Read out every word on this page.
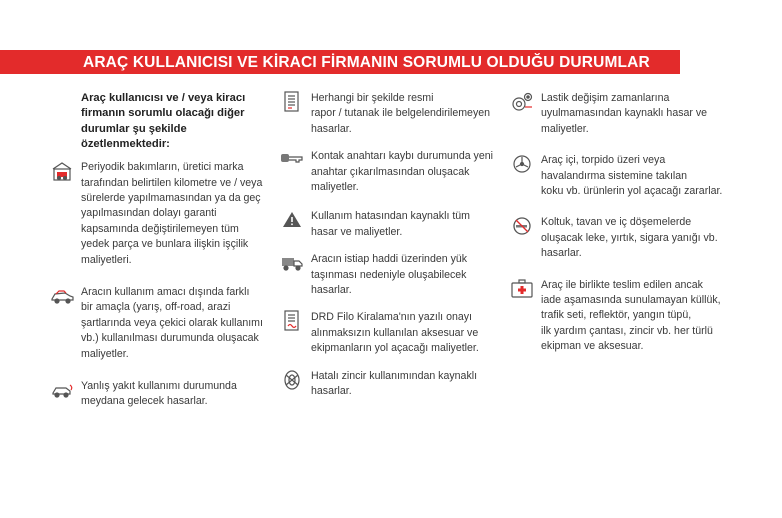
ARAÇ KULLANICISI VE KİRACI FİRMANIN SORUMLU OLDUĞU DURUMLAR
Araç kullanıcısı ve / veya kiracı
firmanın sorumlu olacağı diğer
durumlar şu şekilde
özetlenmektedir:
Periyodik bakımların, üretici marka
tarafından belirtilen kilometre ve / veya
sürelerde yapılmamasından ya da geç
yapılmasından dolayı garanti
kapsamında değiştirilemeyen tüm
yedek parça ve bunlara ilişkin işçilik
maliyetleri.
Aracın kullanım amacı dışında farklı
bir amaçla (yarış, off-road, arazi
şartlarında veya çekici olarak kullanımı
vb.) kullanılması durumunda oluşacak
maliyetler.
Yanlış yakıt kullanımı durumunda
meydana gelecek hasarlar.
Herhangi bir şekilde resmi
rapor / tutanak ile belgelendirilemeyen
hasarlar.
Kontak anahtarı kaybı durumunda yeni
anahtar çıkarılmasından oluşacak
maliyetler.
Kullanım hatasından kaynaklı tüm
hasar ve maliyetler.
Aracın istiap haddi üzerinden yük
taşınması nedeniyle oluşabilecek
hasarlar.
DRD Filo Kiralama'nın yazılı onayı
alınmaksızın kullanılan aksesuar ve
ekipmanların yol açacağı maliyetler.
Hatalı zincir kullanımından kaynaklı
hasarlar.
Lastik değişim zamanlarına
uyulmamasından kaynaklı hasar ve
maliyetler.
Araç içi, torpido üzeri veya
havalandırma sistemine takılan
koku vb. ürünlerin yol açacağı zararlar.
Koltuk, tavan ve iç döşemelerde
oluşacak leke, yırtık, sigara yanığı vb.
hasarlar.
Araç ile birlikte teslim edilen ancak
iade aşamasında sunulamayan küllük,
trafik seti, reflektör, yangın tüpü,
ilk yardım çantası, zincir vb. her türlü
ekipman ve aksesuar.
